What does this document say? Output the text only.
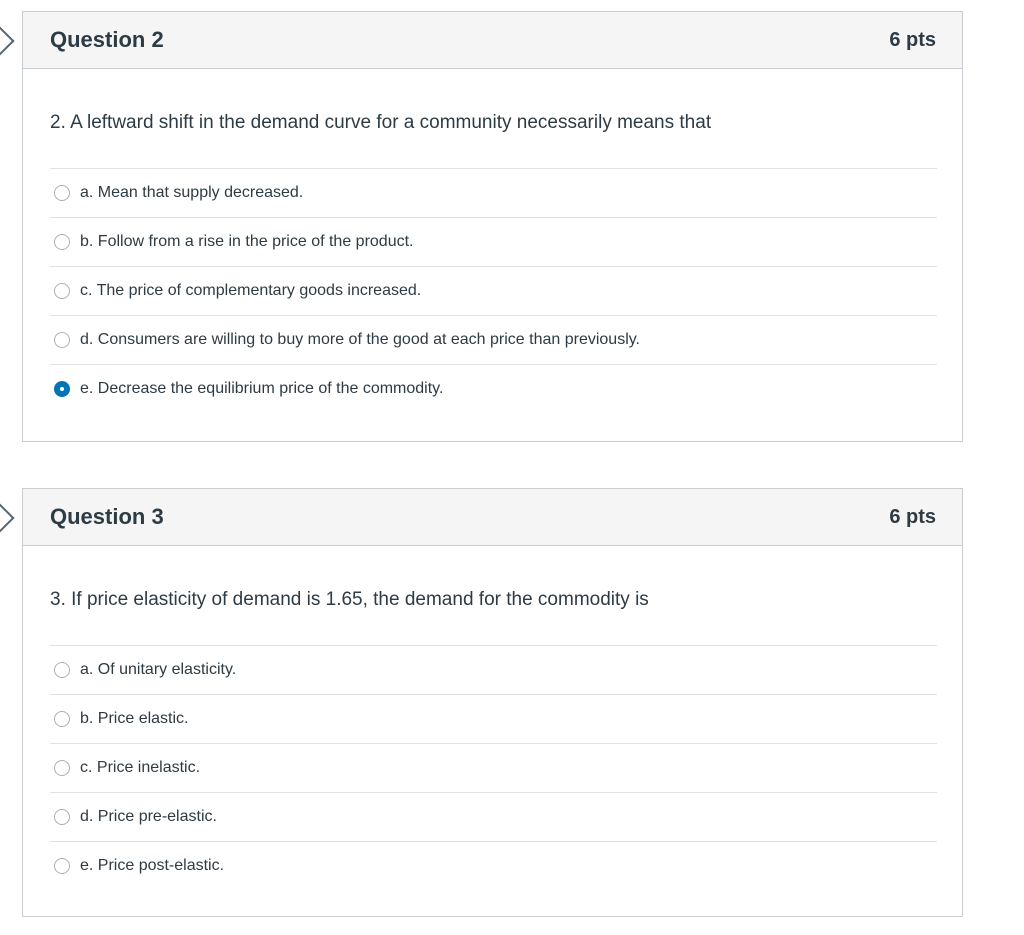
Question 2	6 pts
2. A leftward shift in the demand curve for a community necessarily means that
a. Mean that supply decreased.
b. Follow from a rise in the price of the product.
c. The price of complementary goods increased.
d. Consumers are willing to buy more of the good at each price than previously.
e. Decrease the equilibrium price of the commodity.
Question 3	6 pts
3. If price elasticity of demand is 1.65, the demand for the commodity is
a. Of unitary elasticity.
b. Price elastic.
c. Price inelastic.
d. Price pre-elastic.
e. Price post-elastic.
